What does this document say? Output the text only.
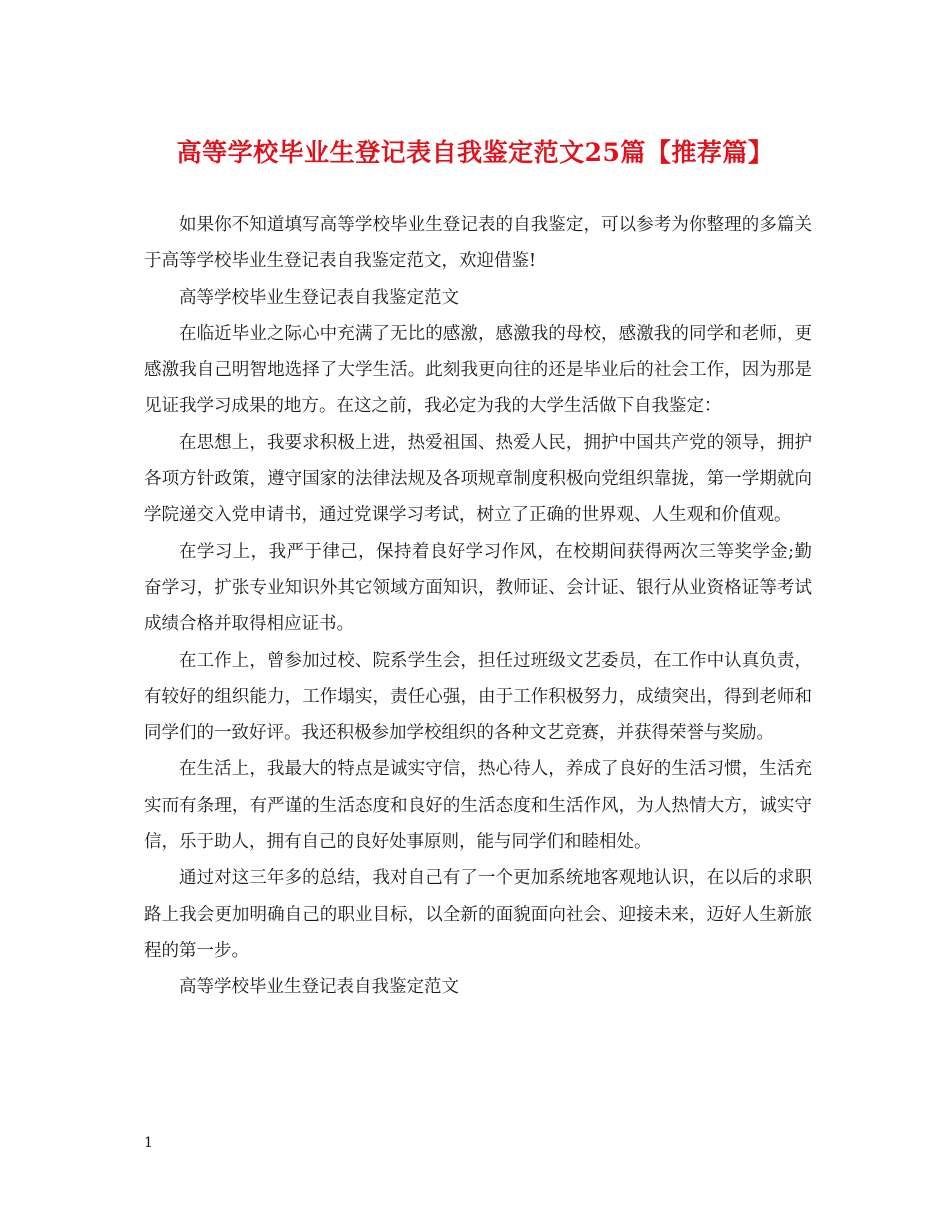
高等学校毕业生登记表自我鉴定范文25篇【推荐篇】

如果你不知道填写高等学校毕业生登记表的自我鉴定，可以参考为你整理的多篇关于高等学校毕业生登记表自我鉴定范文，欢迎借鉴!

高等学校毕业生登记表自我鉴定范文

在临近毕业之际心中充满了无比的感激，感激我的母校，感激我的同学和老师，更感激我自己明智地选择了大学生活。此刻我更向往的还是毕业后的社会工作，因为那是见证我学习成果的地方。在这之前，我必定为我的大学生活做下自我鉴定：

在思想上，我要求积极上进，热爱祖国、热爱人民，拥护中国共产党的领导，拥护各项方针政策，遵守国家的法律法规及各项规章制度积极向党组织靠拢，第一学期就向学院递交入党申请书，通过党课学习考试，树立了正确的世界观、人生观和价值观。

在学习上，我严于律己，保持着良好学习作风，在校期间获得两次三等奖学金;勤奋学习，扩张专业知识外其它领域方面知识，教师证、会计证、银行从业资格证等考试成绩合格并取得相应证书。

在工作上，曾参加过校、院系学生会，担任过班级文艺委员，在工作中认真负责，有较好的组织能力，工作塌实，责任心强，由于工作积极努力，成绩突出，得到老师和同学们的一致好评。我还积极参加学校组织的各种文艺竞赛，并获得荣誉与奖励。

在生活上，我最大的特点是诚实守信，热心待人，养成了良好的生活习惯，生活充实而有条理，有严谨的生活态度和良好的生活态度和生活作风，为人热情大方，诚实守信，乐于助人，拥有自己的良好处事原则，能与同学们和睦相处。

通过对这三年多的总结，我对自己有了一个更加系统地客观地认识，在以后的求职路上我会更加明确自己的职业目标，以全新的面貌面向社会、迎接未来，迈好人生新旅程的第一步。

高等学校毕业生登记表自我鉴定范文

1
